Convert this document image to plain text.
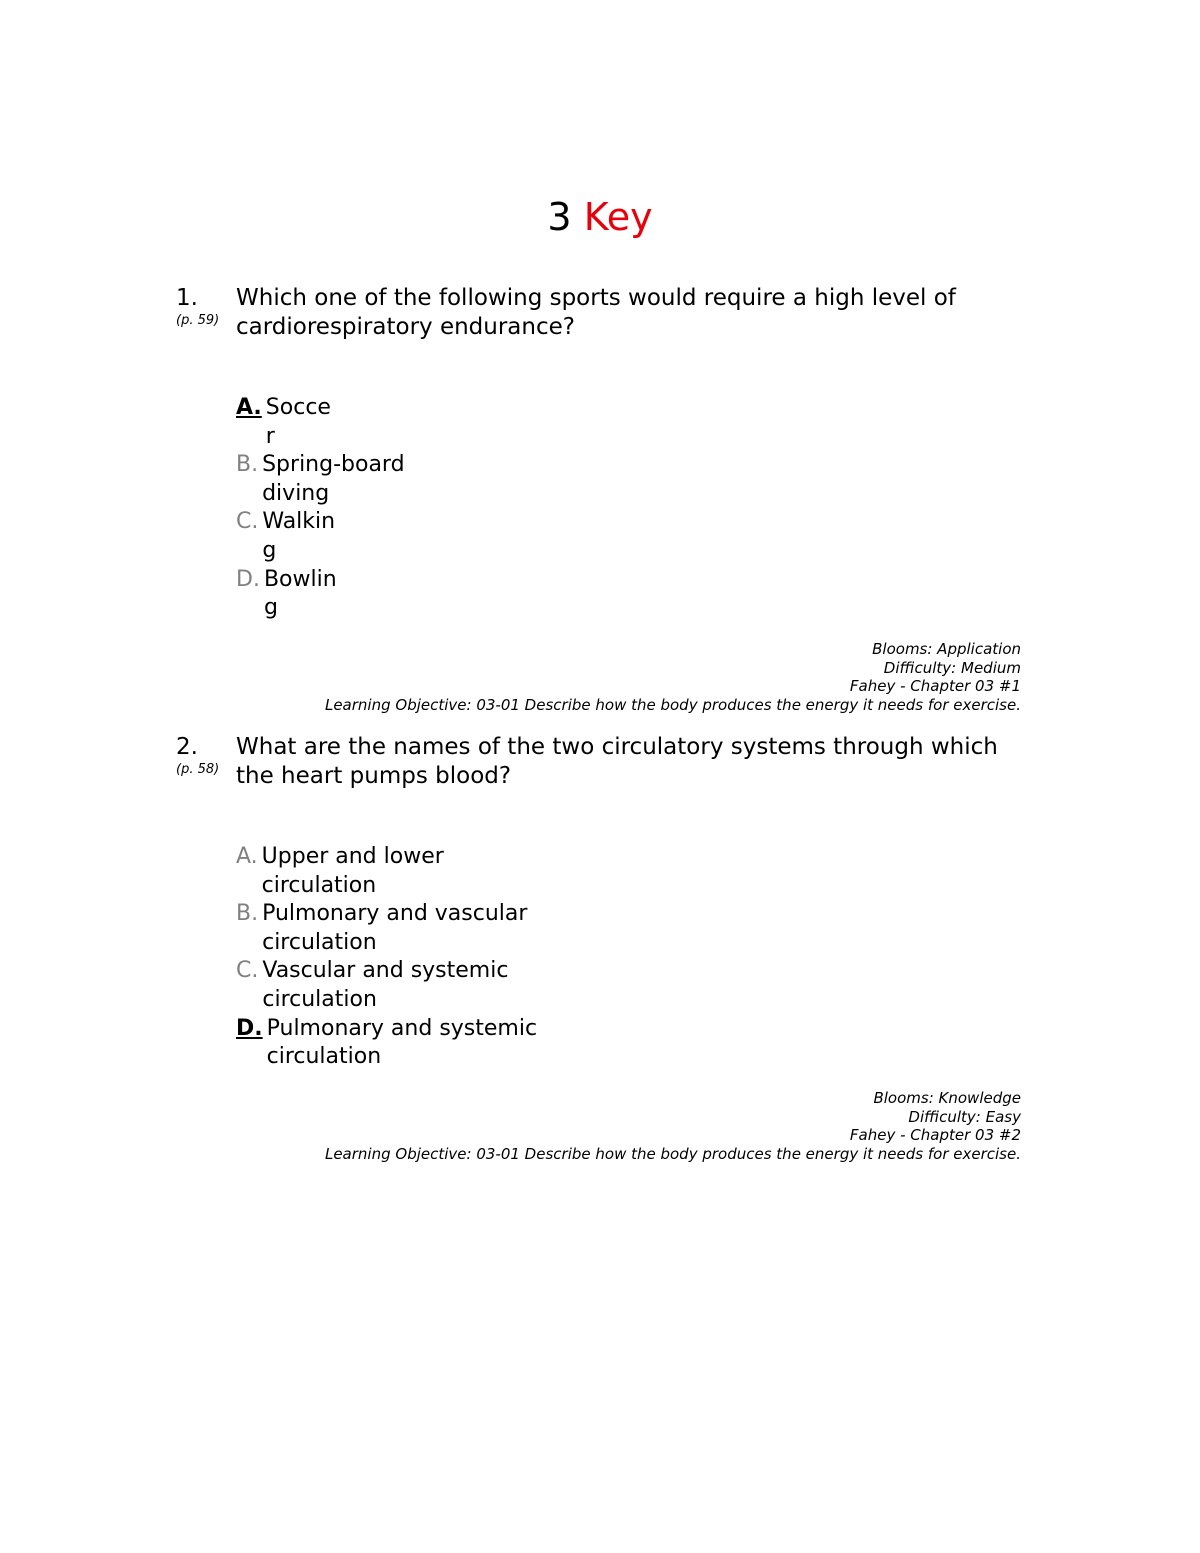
3 Key
1.
(p. 59)
Which one of the following sports would require a high level of cardiorespiratory endurance?
A. Socce r
B. Spring-board diving
C. Walkin g
D. Bowlin g
Blooms: Application
Difficulty: Medium
Fahey - Chapter 03 #1
Learning Objective: 03-01 Describe how the body produces the energy it needs for exercise.
2.
(p. 58)
What are the names of the two circulatory systems through which the heart pumps blood?
A. Upper and lower circulation
B. Pulmonary and vascular circulation
C. Vascular and systemic circulation
D. Pulmonary and systemic circulation
Blooms: Knowledge
Difficulty: Easy
Fahey - Chapter 03 #2
Learning Objective: 03-01 Describe how the body produces the energy it needs for exercise.
